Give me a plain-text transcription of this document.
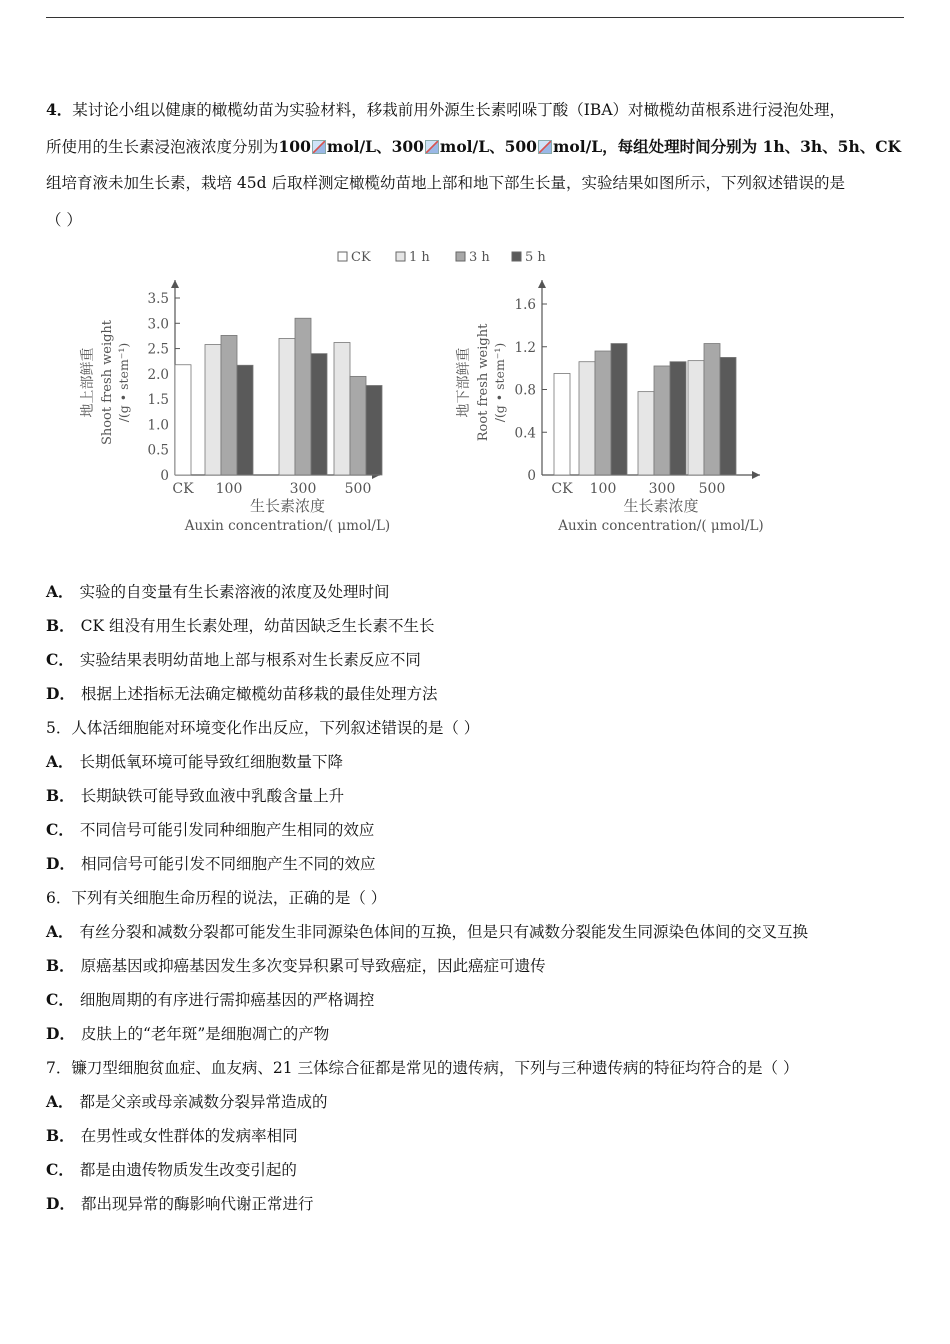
4．某讨论小组以健康的橄榄幼苗为实验材料，移栽前用外源生长素吲哚丁酸（IBA）对橄榄幼苗根系进行浸泡处理，
所使用的生长素浸泡液浓度分别为100 mol/L、300 mol/L、500 mol/L，每组处理时间分别为 1h、3h、5h、CK
组培育液未加生长素，栽培 45d 后取样测定橄榄幼苗地上部和地下部生长量，实验结果如图所示，下列叙述错误的是
（ ）
CK	1 h	3 h	5 h
0
0.5
1.0
1.5
2.0
2.5
3.0
3.5
CK 100	300 500
生长素浓度
Auxin concentration/( μmol/L)
地上部鲜重 Shoot fresh weight /(g • stem⁻¹)
0
0.4
0.8
1.2
1.6
CK 100 300 500
生长素浓度
Auxin concentration/( μmol/L)
地下部鲜重 Root fresh weight /(g • stem⁻¹)
A． 实验的自变量有生长素溶液的浓度及处理时间
B． CK 组没有用生长素处理，幼苗因缺乏生长素不生长
C． 实验结果表明幼苗地上部与根系对生长素反应不同
D． 根据上述指标无法确定橄榄幼苗移栽的最佳处理方法
5．人体活细胞能对环境变化作出反应，下列叙述错误的是（ ）
A． 长期低氧环境可能导致红细胞数量下降
B． 长期缺铁可能导致血液中乳酸含量上升
C． 不同信号可能引发同种细胞产生相同的效应
D． 相同信号可能引发不同细胞产生不同的效应
6．下列有关细胞生命历程的说法，正确的是（ ）
A． 有丝分裂和减数分裂都可能发生非同源染色体间的互换，但是只有减数分裂能发生同源染色体间的交叉互换
B． 原癌基因或抑癌基因发生多次变异积累可导致癌症，因此癌症可遗传
C． 细胞周期的有序进行需抑癌基因的严格调控
D． 皮肤上的“老年斑”是细胞凋亡的产物
7．镰刀型细胞贫血症、血友病、21 三体综合征都是常见的遗传病，下列与三种遗传病的特征均符合的是（ ）
A． 都是父亲或母亲减数分裂异常造成的
B． 在男性或女性群体的发病率相同
C． 都是由遗传物质发生改变引起的
D． 都出现异常的酶影响代谢正常进行
